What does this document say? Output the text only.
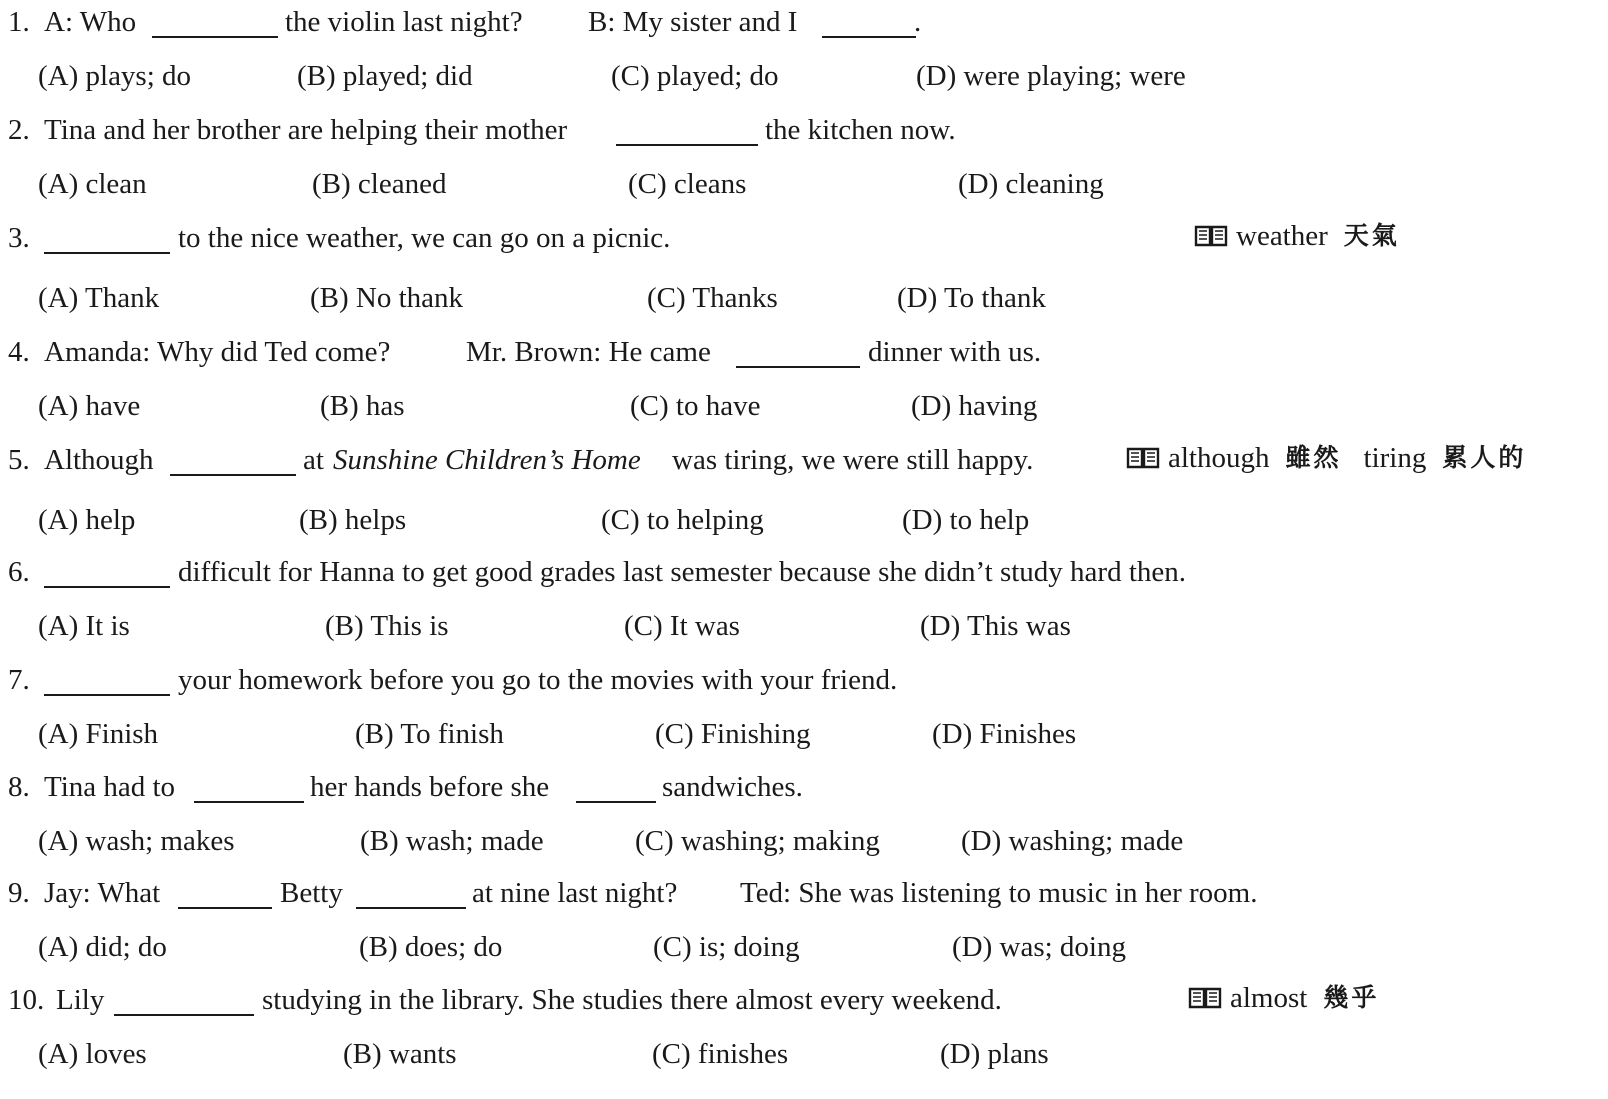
1. A: Who	the violin last night? B: My sister and I	.
(A) plays; do	(B) played; did	(C) played; do	(D) were playing; were
2. Tina and her brother are helping their mother	the kitchen now.
(A) clean	(B) cleaned	(C) cleans	(D) cleaning
3.	to the nice weather, we can go on a picnic.	weather 天氣
(A) Thank	(B) No thank	(C) Thanks	(D) To thank
4. Amanda: Why did Ted come?	Mr. Brown: He came	dinner with us.
(A) have	(B) has	(C) to have	(D) having
5. Although	at Sunshine Children’s Home was tiring, we were still happy.	although 雖然 tiring 累人的
(A) help	(B) helps	(C) to helping	(D) to help
6.	difficult for Hanna to get good grades last semester because she didn’t study hard then.
(A) It is	(B) This is	(C) It was	(D) This was
7.	your homework before you go to the movies with your friend.
(A) Finish	(B) To finish	(C) Finishing	(D) Finishes
8. Tina had to	her hands before she	sandwiches.
(A) wash; makes	(B) wash; made	(C) washing; making	(D) washing; made
9. Jay: What	Betty	at nine last night? Ted: She was listening to music in her room.
(A) did; do	(B) does; do	(C) is; doing	(D) was; doing
10. Lily	studying in the library. She studies there almost every weekend.	almost 幾乎
(A) loves	(B) wants	(C) finishes	(D) plans
